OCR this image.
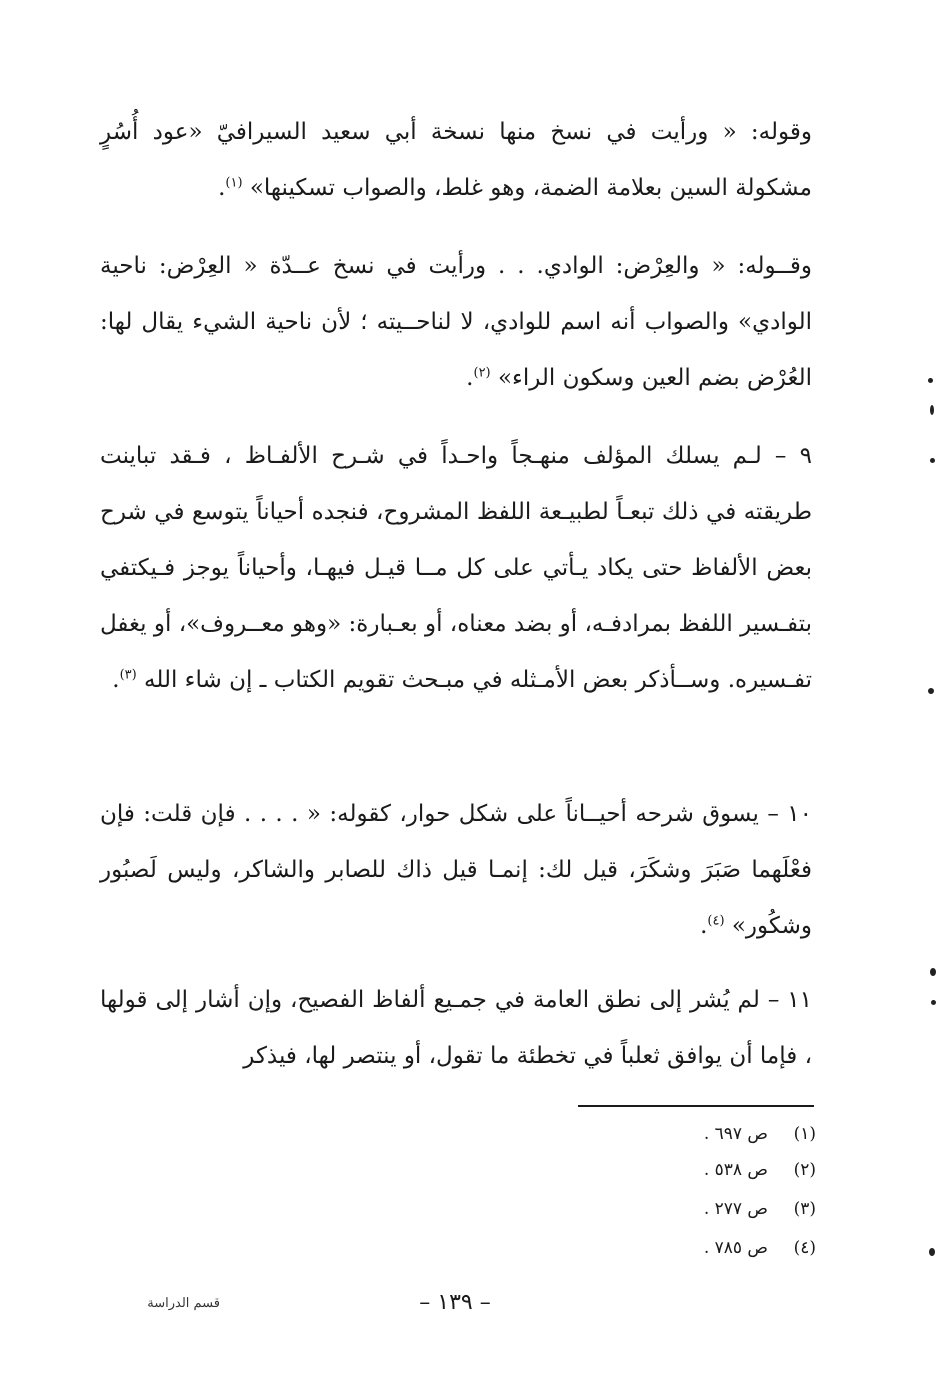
وقوله: « ورأيت في نسخ منها نسخة أبي سعيد السيرافيّ «عود أُسُرٍ مشكولة السين بعلامة الضمة، وهو غلط، والصواب تسكينها» $^{(١)}$.

وقــوله: « والعِرْض: الوادي. . . ورأيت في نسخ عــدّة « العِرْض: ناحية الوادي» والصواب أنه اسم للوادي، لا لناحــيته ؛ لأن ناحية الشيء يقال لها: العُرْض بضم العين وسكون الراء» $^{(٢)}$.

٩ – لـم يسلك المؤلف منهـجاً واحـداً في شـرح الألفـاظ ، فـقد تباينت طريقته في ذلك تبعـاً لطبيـعة اللفظ المشروح، فنجده أحياناً يتوسع في شرح بعض الألفاظ حتى يكاد يـأتي على كل مــا قيـل فيهـا، وأحياناً يوجز فـيكتفي بتفـسير اللفظ بمرادفـه، أو بضد معناه، أو بعـبارة: «وهو معــروف»، أو يغفل تفـسيره. وســأذكر بعض الأمـثله في مبـحث تقويم الكتاب ـ إن شاء الله $^{(٣)}$.

١٠ – يسوق شرحه أحيــاناً على شكل حوار، كقوله: « . . . . فإن قلت: فإن فعْلَهما صَبَرَ وشكَرَ، قيل لك: إنمـا قيل ذاك للصابر والشاكر، وليس لَصبُور وشكُور» $^{(٤)}$.

١١ – لم يُشر إلى نطق العامة في جمـيع ألفاظ الفصيح، وإن أشار إلى قولها ، فإما أن يوافق ثعلباً في تخطئة ما تقول، أو ينتصر لها، فيذكر

(١)ص ٦٩٧ .
(٢)ص ٥٣٨ .
(٣)ص ٢٧٧ .
(٤)ص ٧٨٥ .
– ١٣٩ –
قسم الدراسة
